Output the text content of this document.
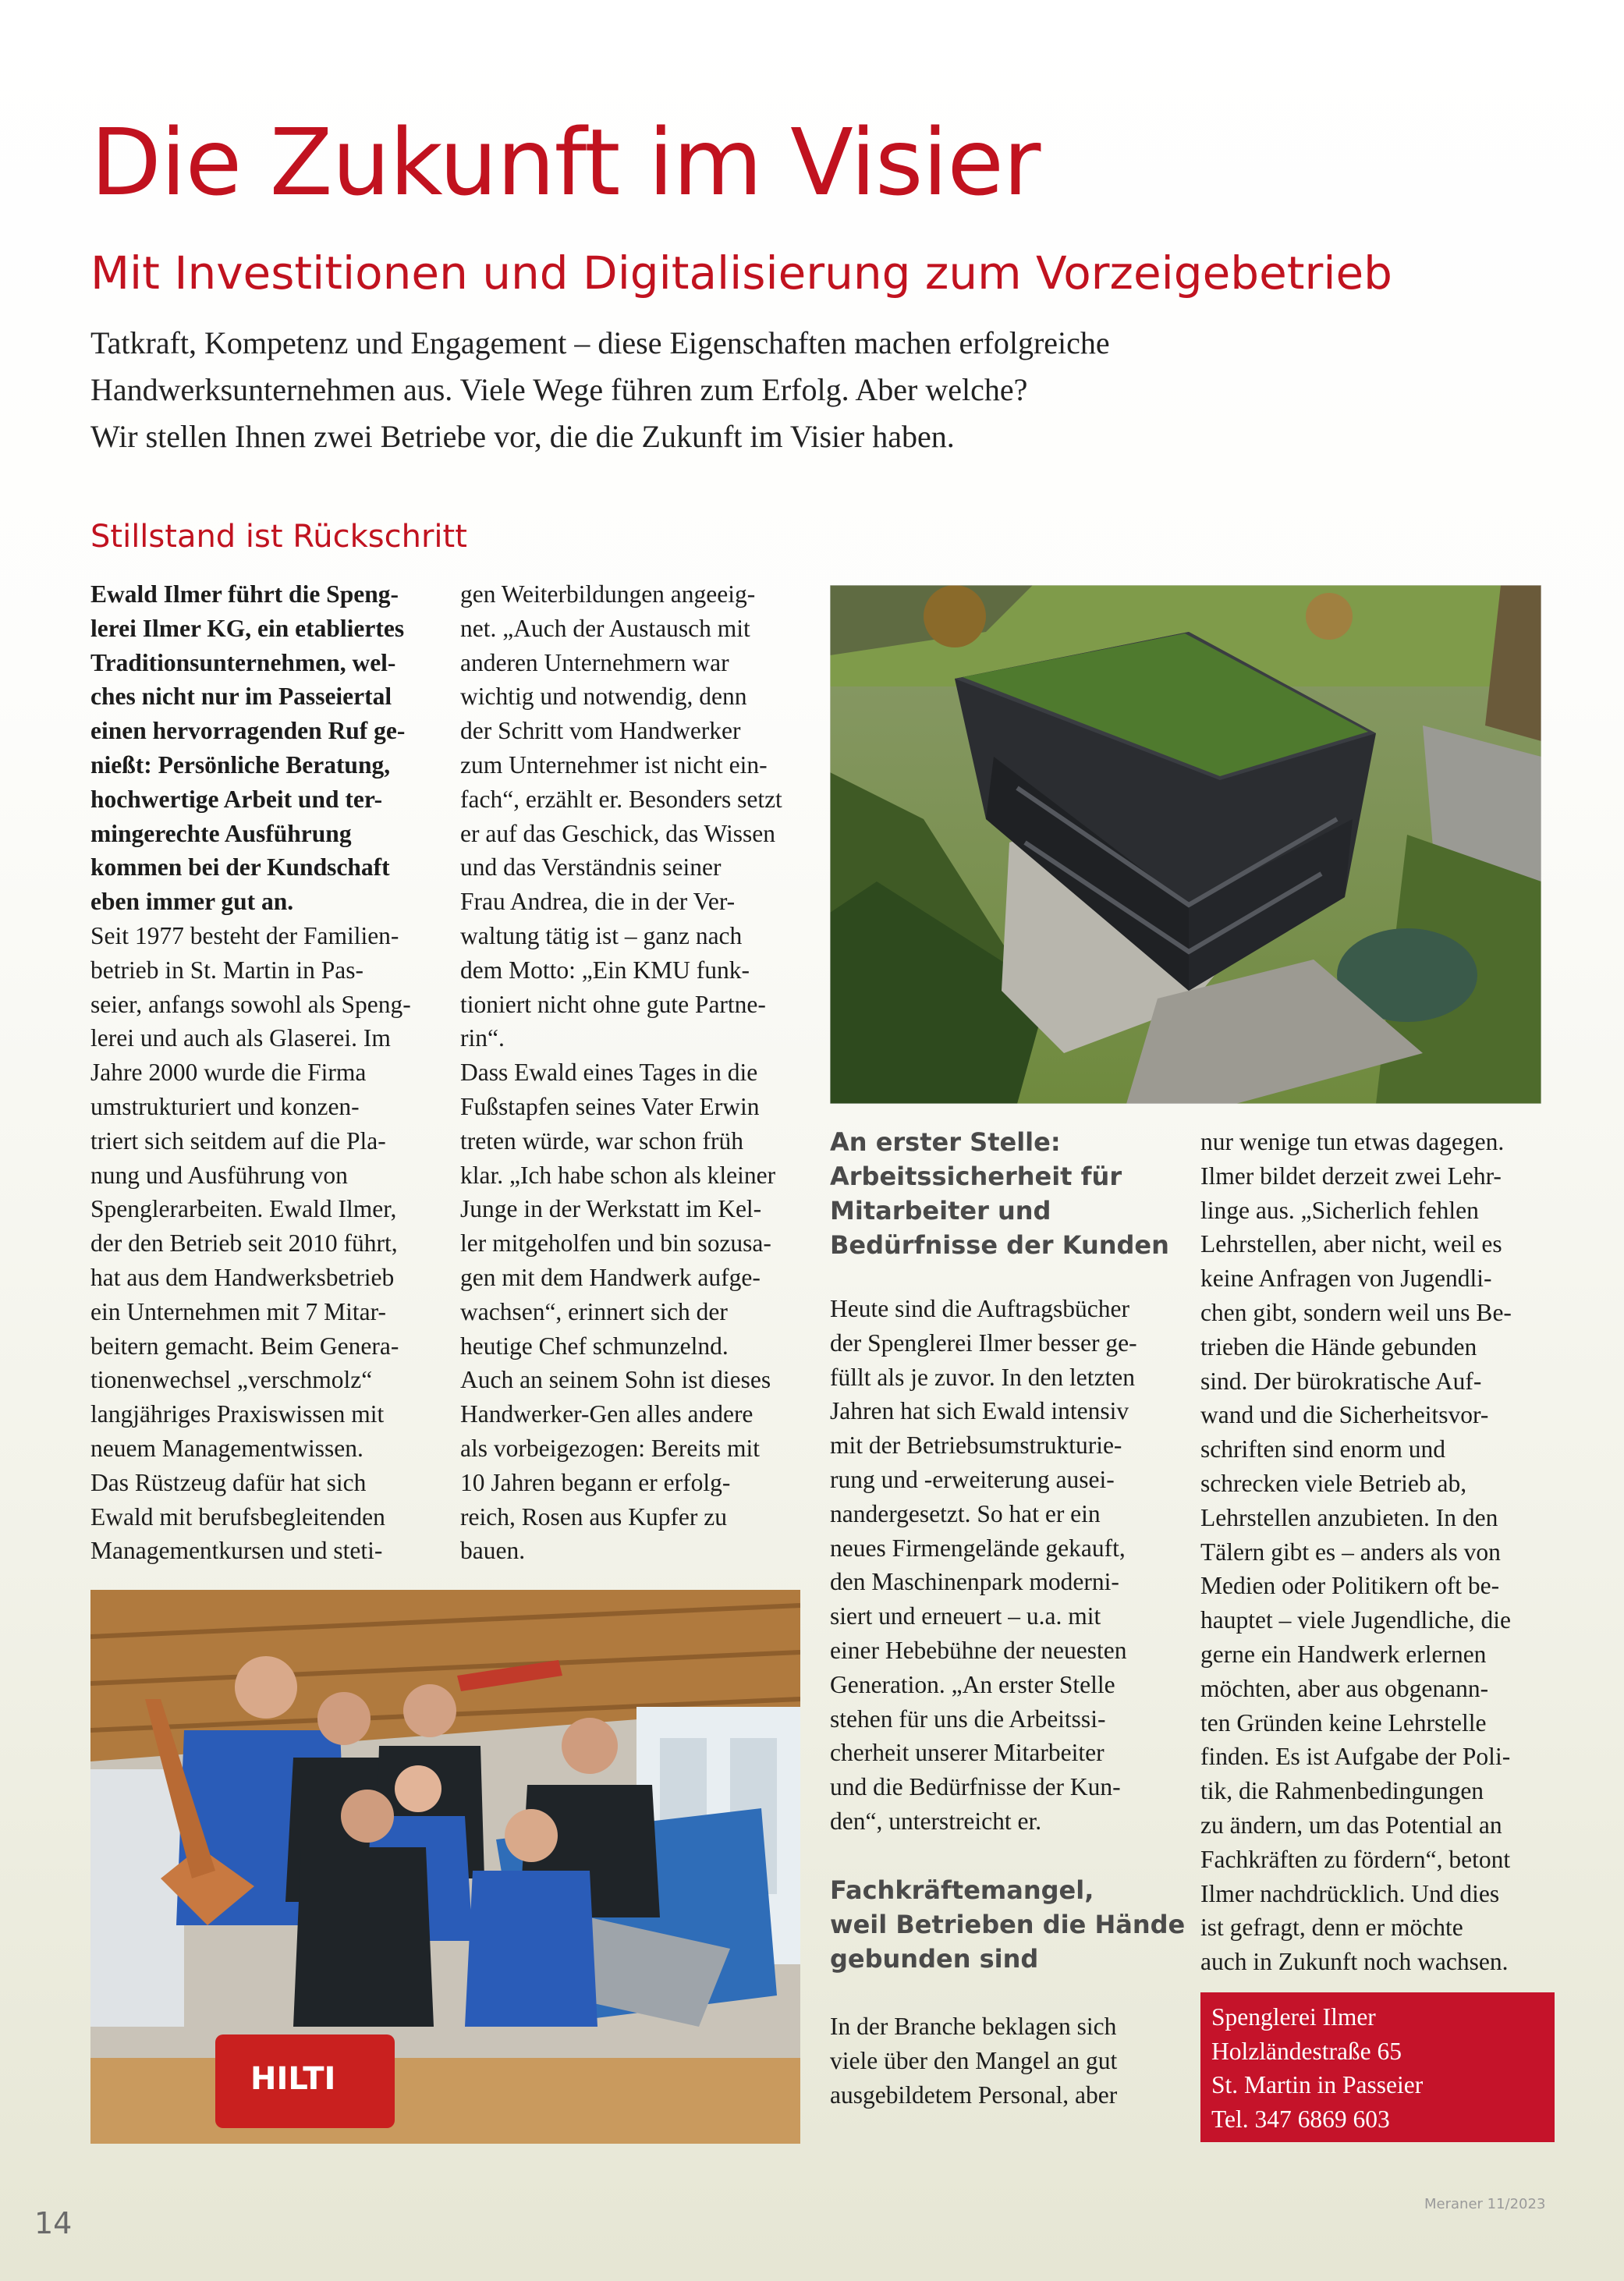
Die Zukunft im Visier
Mit Investitionen und Digitalisierung zum Vorzeigebetrieb
Tatkraft, Kompetenz und Engagement – diese Eigenschaften machen erfolgreiche
Handwerksunternehmen aus. Viele Wege führen zum Erfolg. Aber welche?
Wir stellen Ihnen zwei Betriebe vor, die die Zukunft im Visier haben.
Stillstand ist Rückschritt
Ewald Ilmer führt die Speng-
lerei Ilmer KG, ein etabliertes
Traditionsunternehmen, wel-
ches nicht nur im Passeiertal
einen hervorragenden Ruf ge-
nießt: Persönliche Beratung,
hochwertige Arbeit und ter-
mingerechte Ausführung
kommen bei der Kundschaft
eben immer gut an.
Seit 1977 besteht der Familien-
betrieb in St. Martin in Pas-
seier, anfangs sowohl als Speng-
lerei und auch als Glaserei. Im
Jahre 2000 wurde die Firma
umstrukturiert und konzen-
triert sich seitdem auf die Pla-
nung und Ausführung von
Spenglerarbeiten. Ewald Ilmer,
der den Betrieb seit 2010 führt,
hat aus dem Handwerksbetrieb
ein Unternehmen mit 7 Mitar-
beitern gemacht. Beim Genera-
tionenwechsel „verschmolz“
langjähriges Praxiswissen mit
neuem Managementwissen.
Das Rüstzeug dafür hat sich
Ewald mit berufsbegleitenden
Managementkursen und steti-
gen Weiterbildungen angeeig-
net. „Auch der Austausch mit
anderen Unternehmern war
wichtig und notwendig, denn
der Schritt vom Handwerker
zum Unternehmer ist nicht ein-
fach“, erzählt er. Besonders setzt
er auf das Geschick, das Wissen
und das Verständnis seiner
Frau Andrea, die in der Ver-
waltung tätig ist – ganz nach
dem Motto: „Ein KMU funk-
tioniert nicht ohne gute Partne-
rin“.
Dass Ewald eines Tages in die
Fußstapfen seines Vater Erwin
treten würde, war schon früh
klar. „Ich habe schon als kleiner
Junge in der Werkstatt im Kel-
ler mitgeholfen und bin sozusa-
gen mit dem Handwerk aufge-
wachsen“, erinnert sich der
heutige Chef schmunzelnd.
Auch an seinem Sohn ist dieses
Handwerker-Gen alles andere
als vorbeigezogen: Bereits mit
10 Jahren begann er erfolg-
reich, Rosen aus Kupfer zu
bauen.
An erster Stelle:
Arbeitssicherheit für
Mitarbeiter und
Bedürfnisse der Kunden
Heute sind die Auftragsbücher
der Spenglerei Ilmer besser ge-
füllt als je zuvor. In den letzten
Jahren hat sich Ewald intensiv
mit der Betriebsumstrukturie-
rung und -erweiterung ausei-
nandergesetzt. So hat er ein
neues Firmengelände gekauft,
den Maschinenpark moderni-
siert und erneuert – u.a. mit
einer Hebebühne der neuesten
Generation. „An erster Stelle
stehen für uns die Arbeitssi-
cherheit unserer Mitarbeiter
und die Bedürfnisse der Kun-
den“, unterstreicht er.
Fachkräftemangel,
weil Betrieben die Hände
gebunden sind
In der Branche beklagen sich
viele über den Mangel an gut
ausgebildetem Personal, aber
nur wenige tun etwas dagegen.
Ilmer bildet derzeit zwei Lehr-
linge aus. „Sicherlich fehlen
Lehrstellen, aber nicht, weil es
keine Anfragen von Jugendli-
chen gibt, sondern weil uns Be-
trieben die Hände gebunden
sind. Der bürokratische Auf-
wand und die Sicherheitsvor-
schriften sind enorm und
schrecken viele Betrieb ab,
Lehrstellen anzubieten. In den
Tälern gibt es – anders als von
Medien oder Politikern oft be-
hauptet – viele Jugendliche, die
gerne ein Handwerk erlernen
möchten, aber aus obgenann-
ten Gründen keine Lehrstelle
finden. Es ist Aufgabe der Poli-
tik, die Rahmenbedingungen
zu ändern, um das Potential an
Fachkräften zu fördern“, betont
Ilmer nachdrücklich. Und dies
ist gefragt, denn er möchte
auch in Zukunft noch wachsen.
HILTI
Spenglerei Ilmer
Holzländestraße 65
St. Martin in Passeier
Tel. 347 6869 603
14
Meraner 11/2023
